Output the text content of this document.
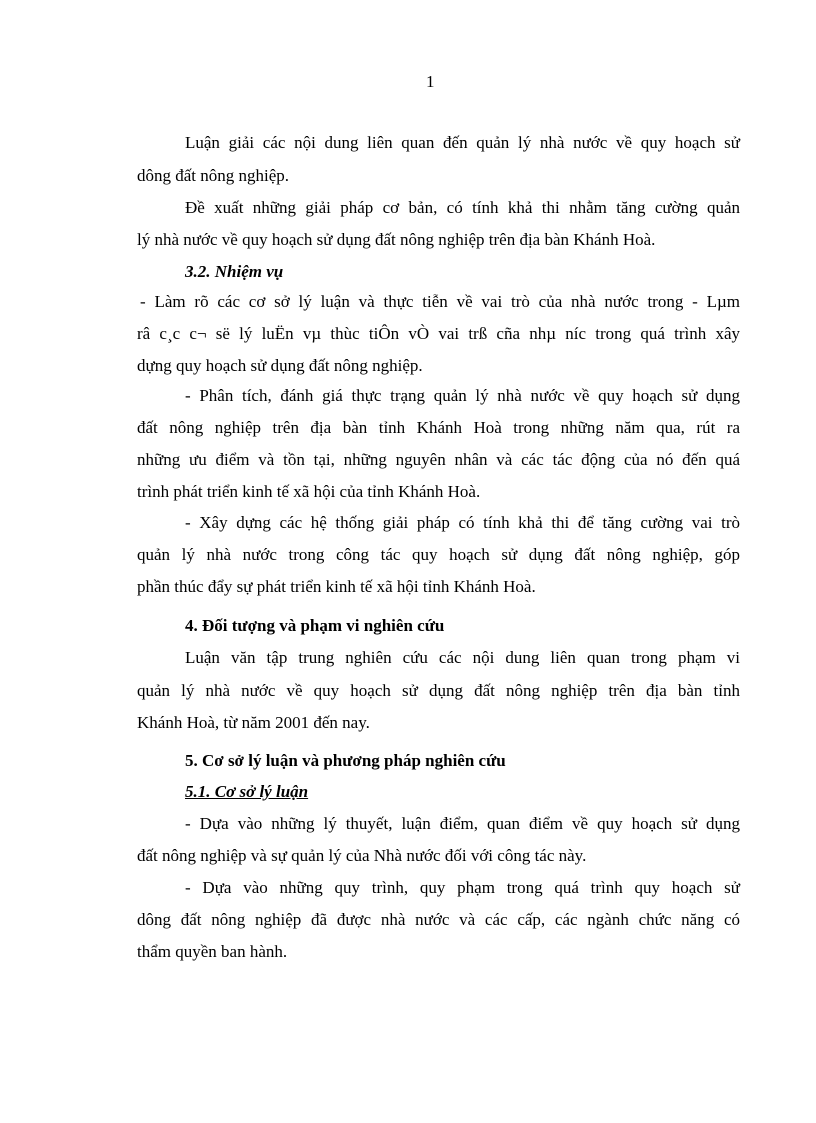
1
Luận giải các nội dung liên quan đến quản lý nhà nước về quy hoạch sử
dông đất nông nghiệp.
Đề xuất những giải pháp cơ bản, có tính khả thi nhằm tăng cường quản
lý nhà nước về quy hoạch sử dụng đất nông nghiệp trên địa bàn Khánh Hoà.
3.2. Nhiệm vụ
- Làm rõ các cơ sở lý luận và thực tiễn về vai trò của nhà nước trong - Lµm
râ c¸c c¬ së lý luËn vµ thùc tiÔn vÒ vai trß cña nhµ níc trong quá trình xây
dựng quy hoạch sử dụng đất nông nghiệp.
- Phân tích, đánh giá thực trạng quản lý nhà nước về quy hoạch sử dụng
đất nông nghiệp trên địa bàn tỉnh Khánh Hoà trong những năm qua, rút ra
những ưu điểm và tồn tại, những nguyên nhân và các tác động của nó đến quá
trình phát triển kinh tế xã hội của tỉnh Khánh Hoà.
- Xây dựng các hệ thống giải pháp có tính khả thi để tăng cường vai trò
quản lý nhà nước trong công tác quy hoạch sử dụng đất nông nghiệp, góp
phần thúc đẩy sự phát triển kinh tế xã hội tỉnh Khánh Hoà.
4. Đối tượng và phạm vi nghiên cứu
Luận văn tập trung nghiên cứu các nội dung liên quan trong phạm vi
quản lý nhà nước về quy hoạch sử dụng đất nông nghiệp trên địa bàn tỉnh
Khánh Hoà, từ năm 2001 đến nay.
5. Cơ sở lý luận và phương pháp nghiên cứu
5.1. Cơ sở lý luận
- Dựa vào những lý thuyết, luận điểm, quan điểm về quy hoạch sử dụng
đất nông nghiệp và sự quản lý của Nhà nước đối với công tác này.
- Dựa vào những quy trình, quy phạm trong quá trình quy hoạch sử
dông đất nông nghiệp đã được nhà nước và các cấp, các ngành chức năng có
thẩm quyền ban hành.
